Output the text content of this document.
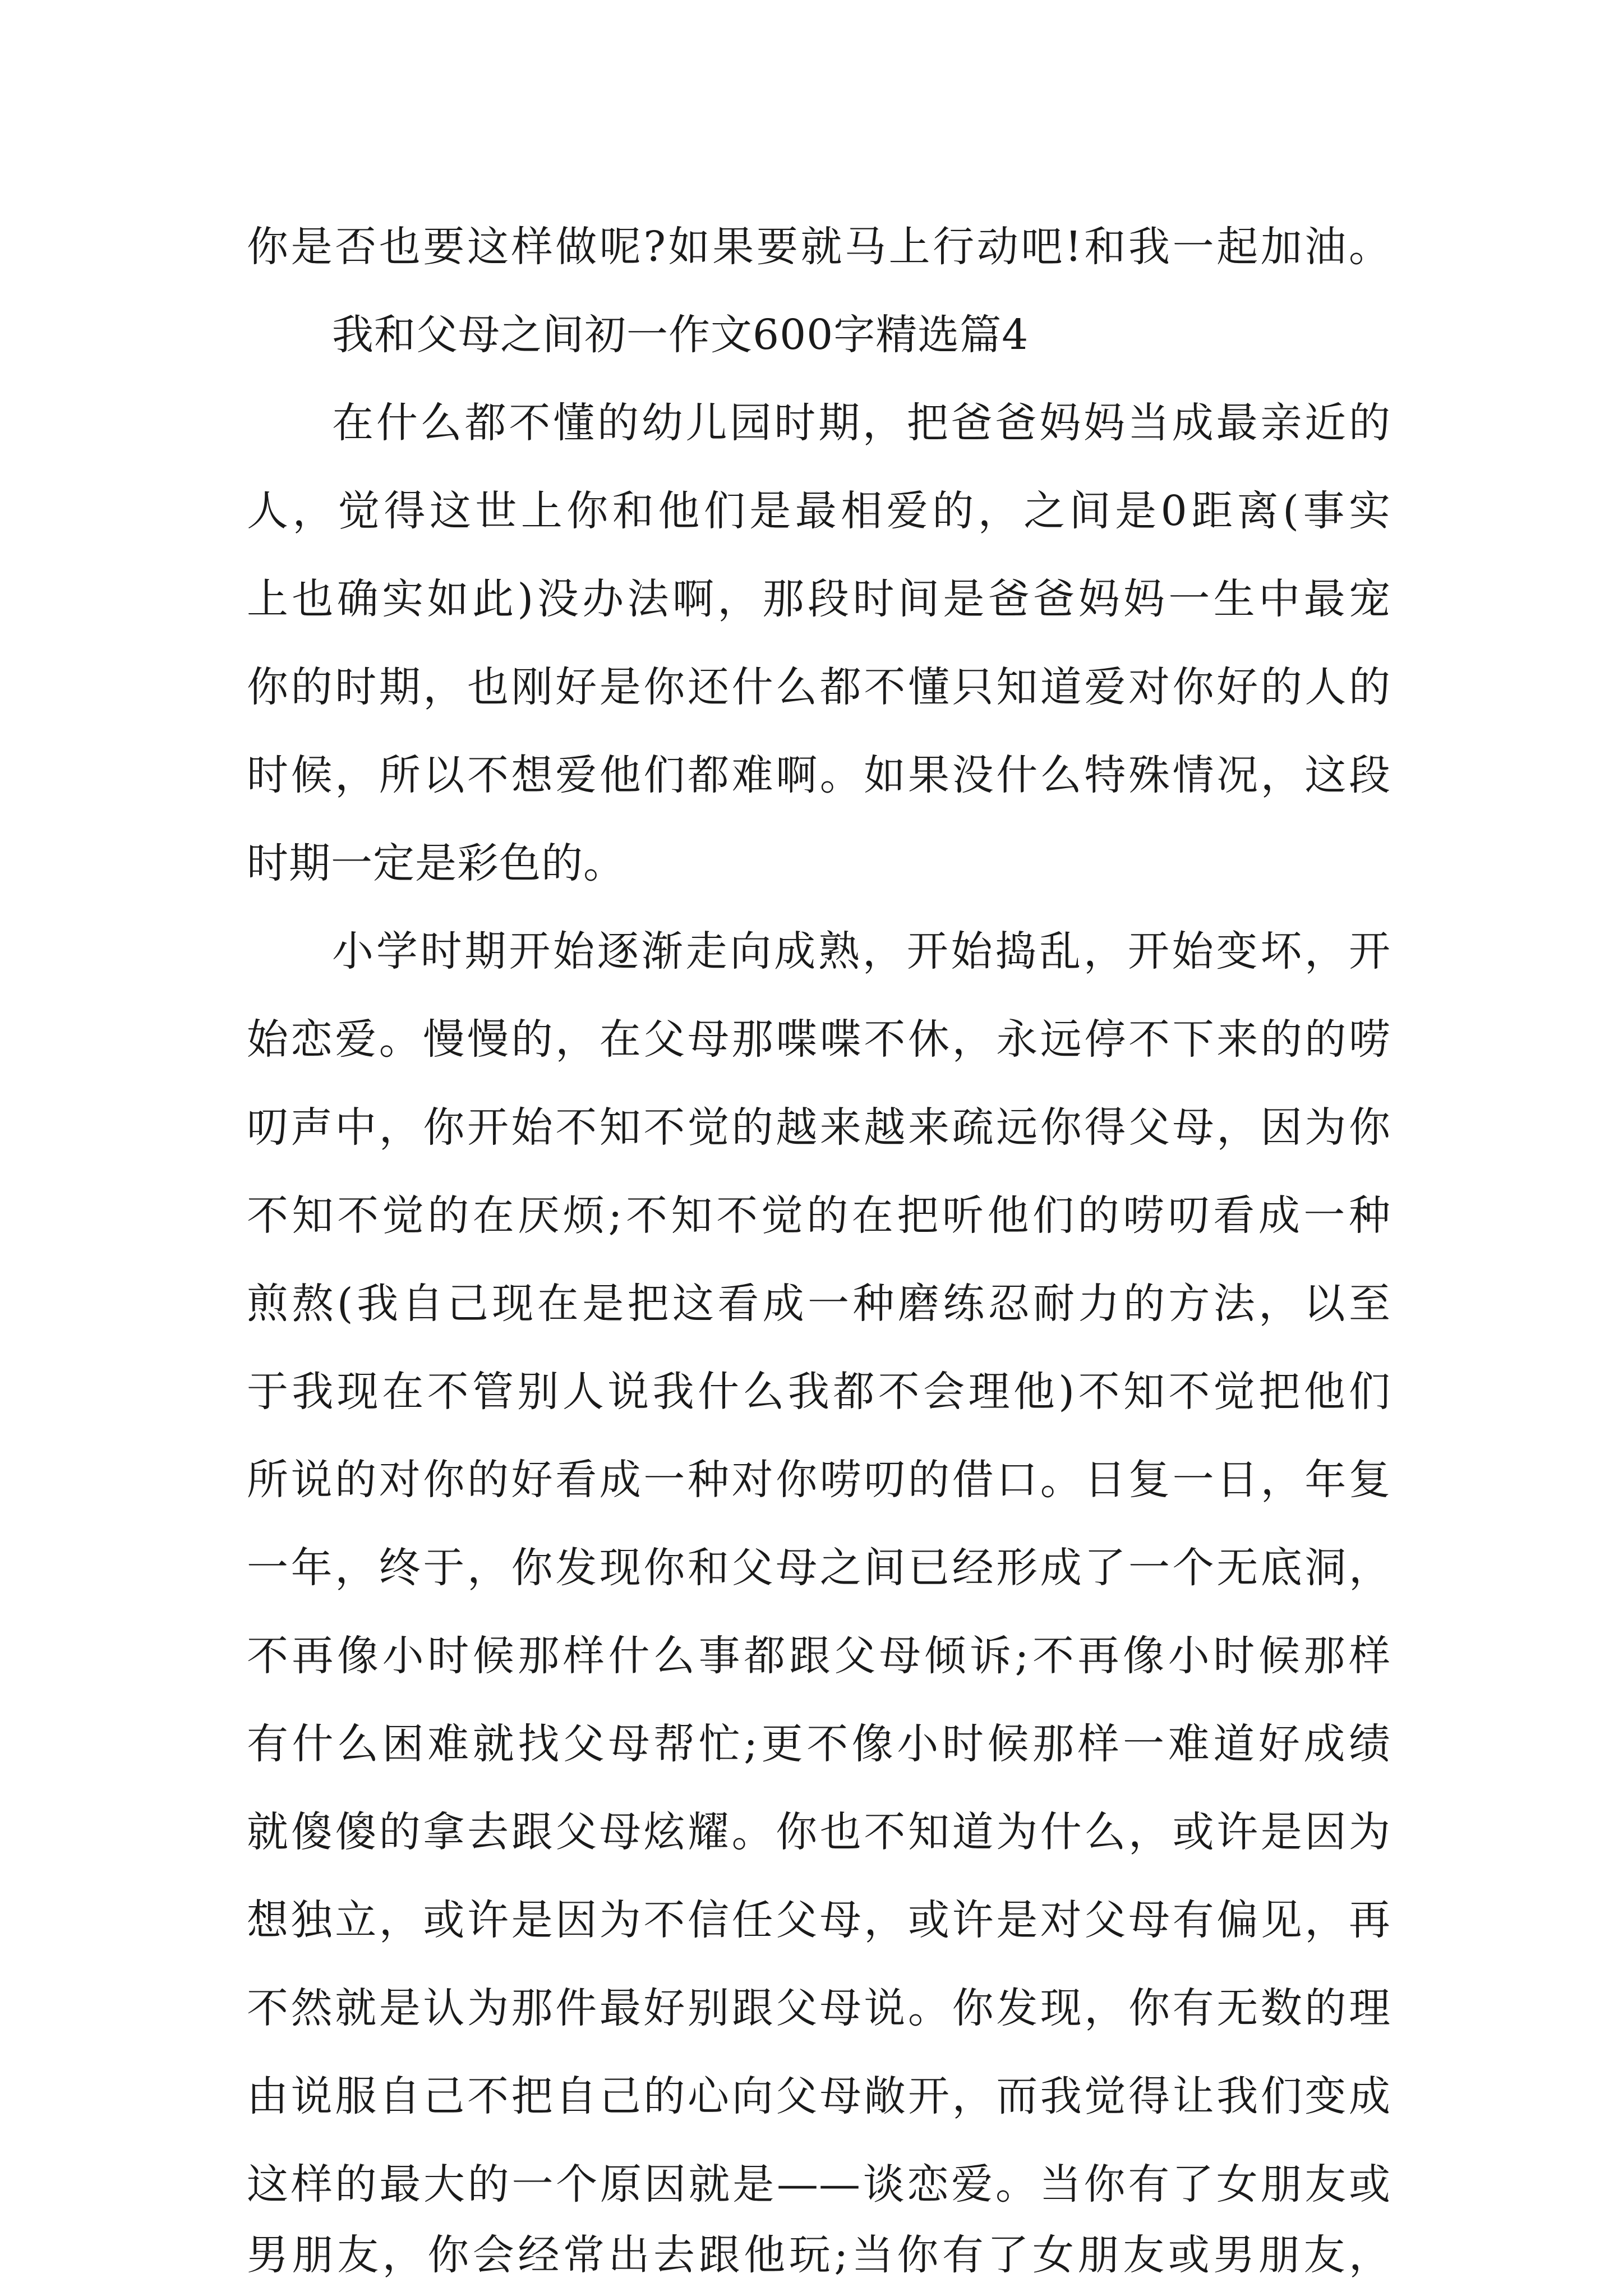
你是否也要这样做呢?如果要就马上行动吧!和我一起加油。
我和父母之间初一作文600字精选篇4
在什么都不懂的幼儿园时期，把爸爸妈妈当成最亲近的
人，觉得这世上你和他们是最相爱的，之间是0距离(事实
上也确实如此)没办法啊，那段时间是爸爸妈妈一生中最宠
你的时期，也刚好是你还什么都不懂只知道爱对你好的人的
时候，所以不想爱他们都难啊。如果没什么特殊情况，这段
时期一定是彩色的。
小学时期开始逐渐走向成熟，开始捣乱，开始变坏，开
始恋爱。慢慢的，在父母那喋喋不休，永远停不下来的的唠
叨声中，你开始不知不觉的越来越来疏远你得父母，因为你
不知不觉的在厌烦;不知不觉的在把听他们的唠叨看成一种
煎熬(我自己现在是把这看成一种磨练忍耐力的方法，以至
于我现在不管别人说我什么我都不会理他)不知不觉把他们
所说的对你的好看成一种对你唠叨的借口。日复一日，年复
一年，终于，你发现你和父母之间已经形成了一个无底洞，
不再像小时候那样什么事都跟父母倾诉;不再像小时候那样
有什么困难就找父母帮忙;更不像小时候那样一难道好成绩
就傻傻的拿去跟父母炫耀。你也不知道为什么，或许是因为
想独立，或许是因为不信任父母，或许是对父母有偏见，再
不然就是认为那件最好别跟父母说。你发现，你有无数的理
由说服自己不把自己的心向父母敞开，而我觉得让我们变成
这样的最大的一个原因就是——谈恋爱。当你有了女朋友或
男朋友，你会经常出去跟他玩;当你有了女朋友或男朋友，
